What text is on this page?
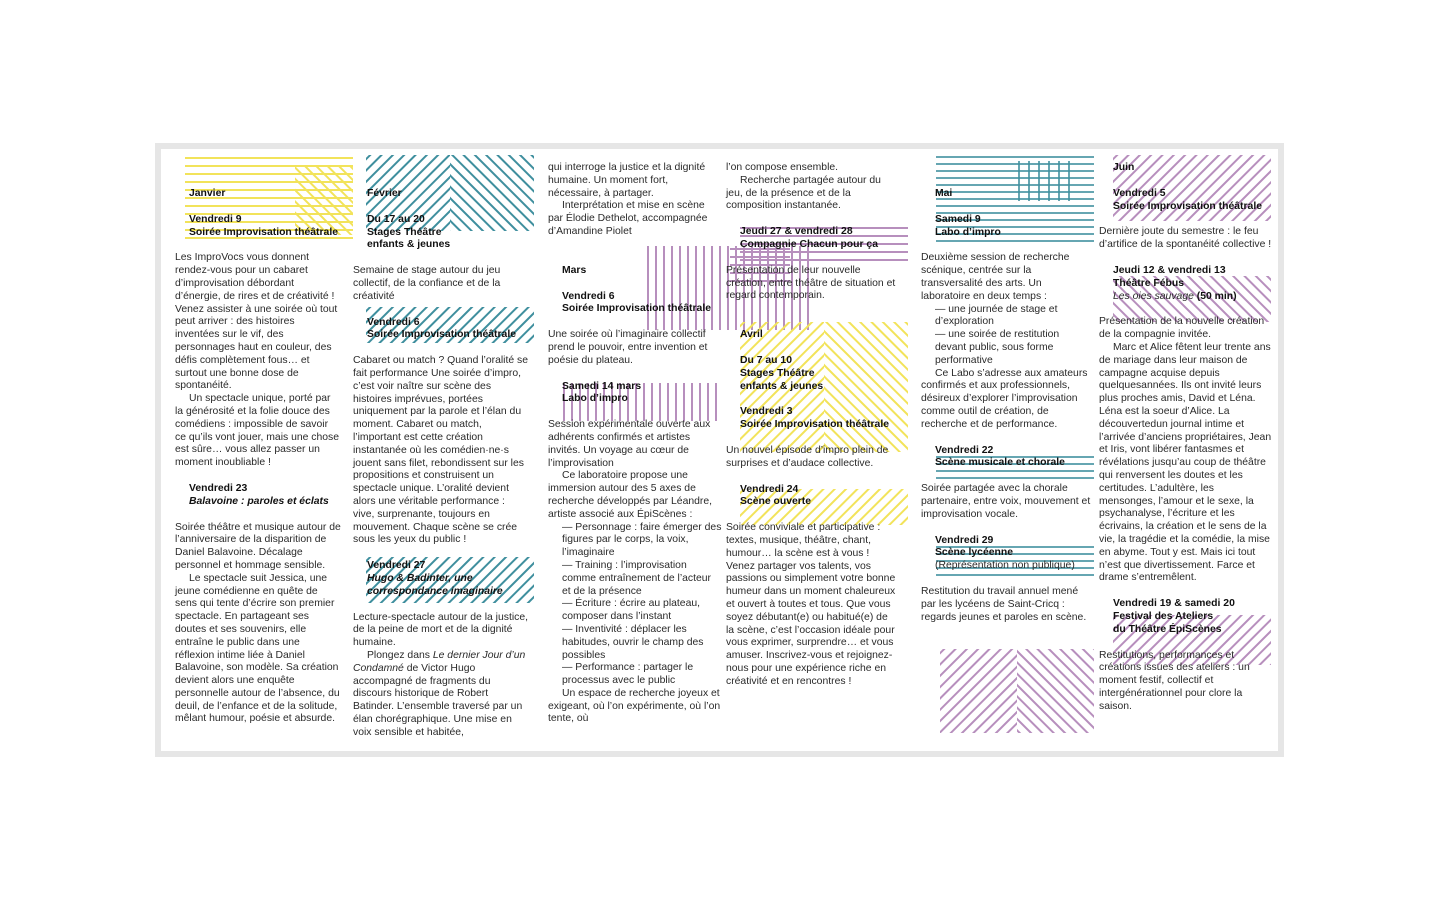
Janvier

Vendredi 9

Soirée Improvisation théâtrale

Les ImproVocs vous donnent rendez-vous pour un cabaret d’improvisation débordant d’énergie, de rires et de créativité ! Venez assister à une soirée où tout peut arriver : des histoires inventées sur le vif, des personnages haut en couleur, des défis complètement fous… et surtout une bonne dose de spontanéité.

Un spectacle unique, porté par la générosité et la folie douce des comédiens : impossible de savoir ce qu’ils vont jouer, mais une chose est sûre… vous allez passer un moment inoubliable !

Vendredi 23

Balavoine : paroles et éclats

Soirée théâtre et musique autour de l’anniversaire de la disparition de Daniel Balavoine. Décalage personnel et hommage sensible.

Le spectacle suit Jessica, une jeune comédienne en quête de sens qui tente d’écrire son premier spectacle. En partageant ses doutes et ses souvenirs, elle entraîne le public dans une réflexion intime liée à Daniel Balavoine, son modèle. Sa création devient alors une enquête personnelle autour de l’absence, du deuil, de l’enfance et de la solitude, mêlant humour, poésie et absurde.

Février

Du 17 au 20

Stages Théâtre

enfants & jeunes

Semaine de stage autour du jeu collectif, de la confiance et de la créativité

Vendredi 6

Soirée Improvisation théâtrale

Cabaret ou match ? Quand l’oralité se fait performance Une soirée d’impro, c’est voir naître sur scène des histoires imprévues, portées uniquement par la parole et l’élan du moment. Cabaret ou match, l’important est cette création instantanée où les comédien·ne·s jouent sans filet, rebondissent sur les propositions et construisent un spectacle unique. L’oralité devient alors une véritable performance : vive, surprenante, toujours en mouvement. Chaque scène se crée sous les yeux du public !

Vendredi 27

Hugo & Badinter, une

correspondance imaginaire

Lecture-spectacle autour de la justice, de la peine de mort et de la dignité humaine.

Plongez dans Le dernier Jour d’un Condamné de Victor Hugo accompagné de fragments du discours historique de Robert Batinder. L’ensemble traversé par un élan chorégraphique. Une mise en voix sensible et habitée,

qui interroge la justice et la dignité humaine. Un moment fort, nécessaire, à partager.

Interprétation et mise en scène par Élodie Dethelot, accompagnée d’Amandine Piolet

Mars

Vendredi 6

Soirée Improvisation théâtrale

Une soirée où l’imaginaire collectif prend le pouvoir, entre invention et poésie du plateau.

Samedi 14 mars

Labo d’impro

Session expérimentale ouverte aux adhérents confirmés et artistes invités. Un voyage au cœur de l’improvisation

Ce laboratoire propose une immersion autour des 5 axes de recherche développés par Léandre, artiste associé aux ÉpiScènes :

— Personnage : faire émerger des figures par le corps, la voix, l’imaginaire

— Training : l’improvisation comme entraînement de l’acteur et de la présence

— Écriture : écrire au plateau, composer dans l’instant

— Inventivité : déplacer les habitudes, ouvrir le champ des possibles

— Performance : partager le processus avec le public

Un espace de recherche joyeux et exigeant, où l’on expérimente, où l’on tente, où

l’on compose ensemble.

Recherche partagée autour du jeu, de la présence et de la composition instantanée.

Jeudi 27 & vendredi 28

Compagnie Chacun pour ça

Présentation de leur nouvelle création, entre théâtre de situation et regard contemporain.

Avril

Du 7 au 10

Stages Théâtre

enfants & jeunes

Vendredi 3

Soirée Improvisation théâtrale

Un nouvel épisode d’impro plein de surprises et d’audace collective.

Vendredi 24

Scène ouverte

Soirée conviviale et participative : textes, musique, théâtre, chant, humour… la scène est à vous ! Venez partager vos talents, vos passions ou simplement votre bonne humeur dans un moment chaleureux et ouvert à toutes et tous. Que vous soyez débutant(e) ou habitué(e) de la scène, c’est l’occasion idéale pour vous exprimer, surprendre… et vous amuser. Inscrivez-vous et rejoignez-nous pour une expérience riche en créativité et en rencontres !

Mai

Samedi 9

Labo d’impro

Deuxième session de recherche scénique, centrée sur la transversalité des arts. Un laboratoire en deux temps :

— une journée de stage et d’exploration

— une soirée de restitution devant public, sous forme performative

Ce Labo s’adresse aux amateurs confirmés et aux professionnels, désireux d’explorer l’improvisation comme outil de création, de recherche et de performance.

Vendredi 22

Scène musicale et chorale

Soirée partagée avec la chorale partenaire, entre voix, mouvement et improvisation vocale.

Vendredi 29

Scène lycéenne

(Représentation non publique)

Restitution du travail annuel mené par les lycéens de Saint-Cricq : regards jeunes et paroles en scène.

Juin

Vendredi 5

Soirée Improvisation théâtrale

Dernière joute du semestre : le feu d’artifice de la spontanéité collective !

Jeudi 12 & vendredi 13

Théâtre Fébus

Les oies sauvage (50 min)

Présentation de la nouvelle création de la compagnie invitée.

Marc et Alice fêtent leur trente ans de mariage dans leur maison de campagne acquise depuis quelquesannées. Ils ont invité leurs plus proches amis, David et Léna. Léna est la soeur d’Alice. La découvertedun journal intime et l’arrivée d’anciens propriétaires, Jean et Iris, vont libérer fantasmes et révélations jusqu’au coup de théâtre qui renversent les doutes et les certitudes. L’adultère, les mensonges, l’amour et le sexe, la psychanalyse, l’écriture et les écrivains, la création et le sens de la vie, la tragédie et la comédie, la mise en abyme. Tout y est. Mais ici tout n’est que divertissement. Farce et drame s’entremêlent.

Vendredi 19 & samedi 20

Festival des Ateliers

du Théâtre ÉpiScènes

Restitutions, performances et créations issues des ateliers : un moment festif, collectif et intergénérationnel pour clore la saison.
